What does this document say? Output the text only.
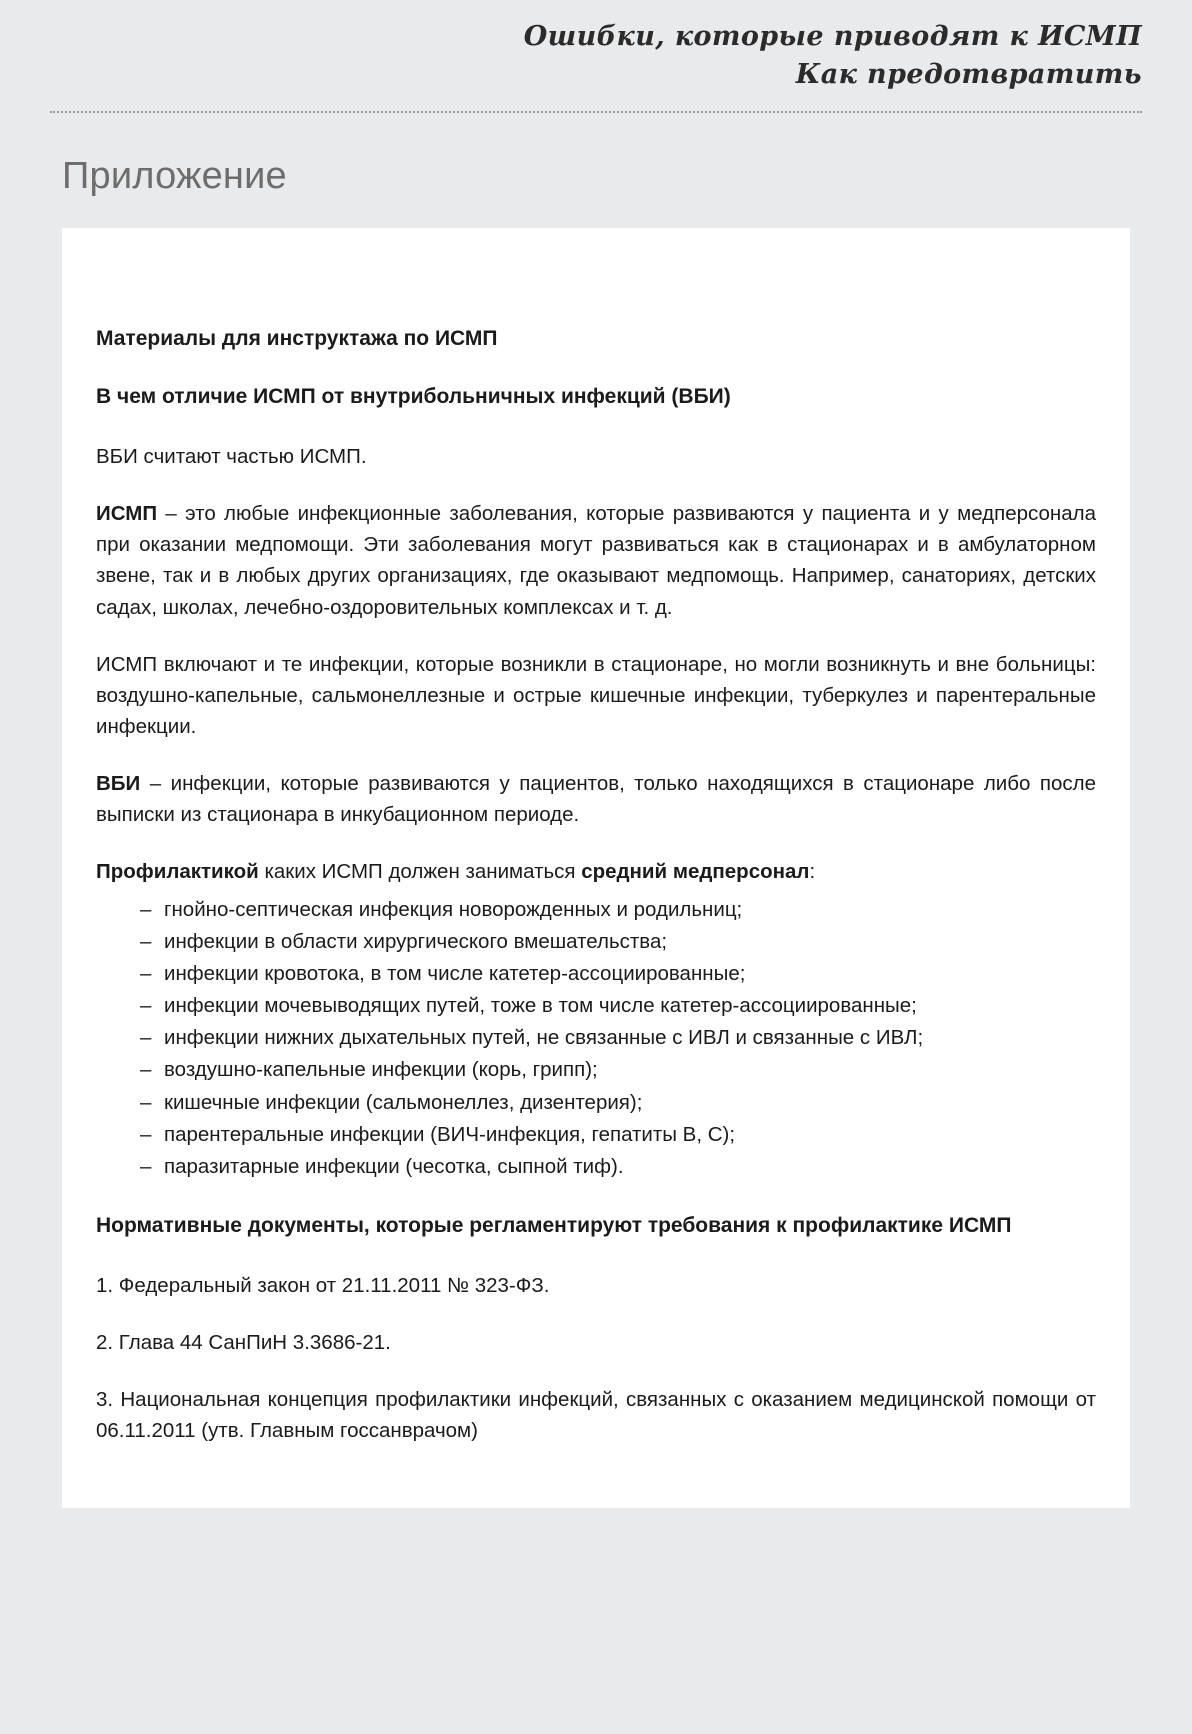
Ошибки, которые приводят к ИСМП
Как предотвратить
Приложение
Материалы для инструктажа по ИСМП
В чем отличие ИСМП от внутрибольничных инфекций (ВБИ)

ВБИ считают частью ИСМП.

ИСМП – это любые инфекционные заболевания, которые развиваются у пациента и у медперсонала при оказании медпомощи. Эти заболевания могут развиваться как в стационарах и в амбулаторном звене, так и в любых других организациях, где оказывают медпомощь. Например, санаториях, детских садах, школах, лечебно-оздоровительных комплексах и т. д.

ИСМП включают и те инфекции, которые возникли в стационаре, но могли возникнуть и вне больницы: воздушно-капельные, сальмонеллезные и острые кишечные инфекции, туберкулез и парентеральные инфекции.

ВБИ – инфекции, которые развиваются у пациентов, только находящихся в стационаре либо после выписки из стационара в инкубационном периоде.

Профилактикой каких ИСМП должен заниматься средний медперсонал:

– гнойно-септическая инфекция новорожденных и родильниц;
– инфекции в области хирургического вмешательства;
– инфекции кровотока, в том числе катетер-ассоциированные;
– инфекции мочевыводящих путей, тоже в том числе катетер-ассоциированные;
– инфекции нижних дыхательных путей, не связанные с ИВЛ и связанные с ИВЛ;
– воздушно-капельные инфекции (корь, грипп);
– кишечные инфекции (сальмонеллез, дизентерия);
– парентеральные инфекции (ВИЧ-инфекция, гепатиты B, C);
– паразитарные инфекции (чесотка, сыпной тиф).
Нормативные документы, которые регламентируют требования к профилактике ИСМП

1. Федеральный закон от 21.11.2011 № 323-ФЗ.

2. Глава 44 СанПиН 3.3686-21.

3. Национальная концепция профилактики инфекций, связанных с оказанием медицинской помощи от 06.11.2011 (утв. Главным госсанврачом)
